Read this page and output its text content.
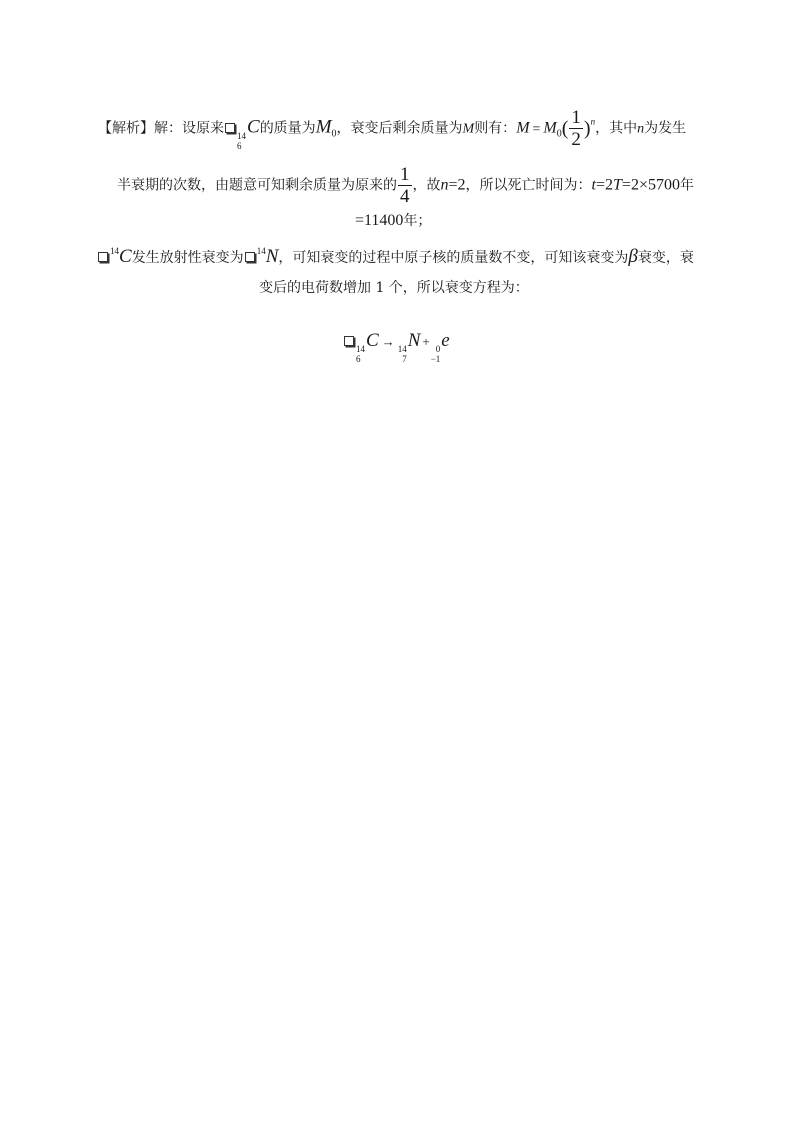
【解析】解：设原来 14
6
C的质量为$M_0$，衰变后剩余质量为M则有：$M = M_0( \frac{1}{2} )^n$，其中n为发生
半衰期的次数，由题意可知剩余质量为原来的 $\frac{1}{4}$ ，故n=2，所以死亡时间为：t=2T=2×5700年
=11400年；
$^{14}$C发生放射性衰变为 $^{14}$N，可知衰变的过程中原子核的质量数不变，可知该衰变为β衰变，衰
变后的电荷数增加 1 个，所以衰变方程为：
14
6
C → 14
7
N + 0
−1
e
